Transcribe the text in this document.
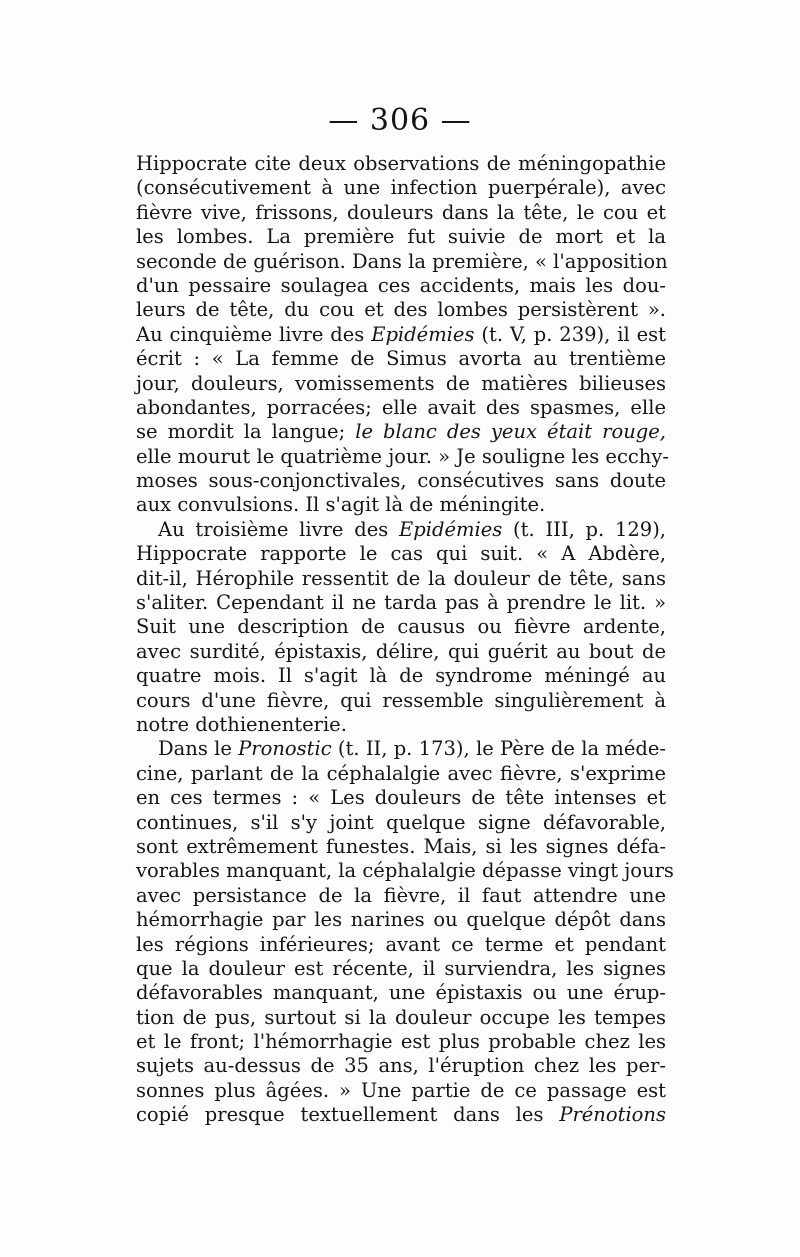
— 306 —
Hippocrate cite deux observations de méningopathie
(consécutivement à une infection puerpérale), avec
fièvre vive, frissons, douleurs dans la tête, le cou et
les lombes. La première fut suivie de mort et la
seconde de guérison. Dans la première, « l'apposition
d'un pessaire soulagea ces accidents, mais les dou-
leurs de tête, du cou et des lombes persistèrent ».
Au cinquième livre des Epidémies (t. V, p. 239), il est
écrit : « La femme de Simus avorta au trentième
jour, douleurs, vomissements de matières bilieuses
abondantes, porracées; elle avait des spasmes, elle
se mordit la langue; le blanc des yeux était rouge,
elle mourut le quatrième jour. » Je souligne les ecchy-
moses sous-conjonctivales, consécutives sans doute
aux convulsions. Il s'agit là de méningite.
Au troisième livre des Epidémies (t. III, p. 129),
Hippocrate rapporte le cas qui suit. « A Abdère,
dit-il, Hérophile ressentit de la douleur de tête, sans
s'aliter. Cependant il ne tarda pas à prendre le lit. »
Suit une description de causus ou fièvre ardente,
avec surdité, épistaxis, délire, qui guérit au bout de
quatre mois. Il s'agit là de syndrome méningé au
cours d'une fièvre, qui ressemble singulièrement à
notre dothienenterie.
Dans le Pronostic (t. II, p. 173), le Père de la méde-
cine, parlant de la céphalalgie avec fièvre, s'exprime
en ces termes : « Les douleurs de tête intenses et
continues, s'il s'y joint quelque signe défavorable,
sont extrêmement funestes. Mais, si les signes défa-
vorables manquant, la céphalalgie dépasse vingt jours
avec persistance de la fièvre, il faut attendre une
hémorrhagie par les narines ou quelque dépôt dans
les régions inférieures; avant ce terme et pendant
que la douleur est récente, il surviendra, les signes
défavorables manquant, une épistaxis ou une érup-
tion de pus, surtout si la douleur occupe les tempes
et le front; l'hémorrhagie est plus probable chez les
sujets au-dessus de 35 ans, l'éruption chez les per-
sonnes plus âgées. » Une partie de ce passage est
copié presque textuellement dans les Prénotions
